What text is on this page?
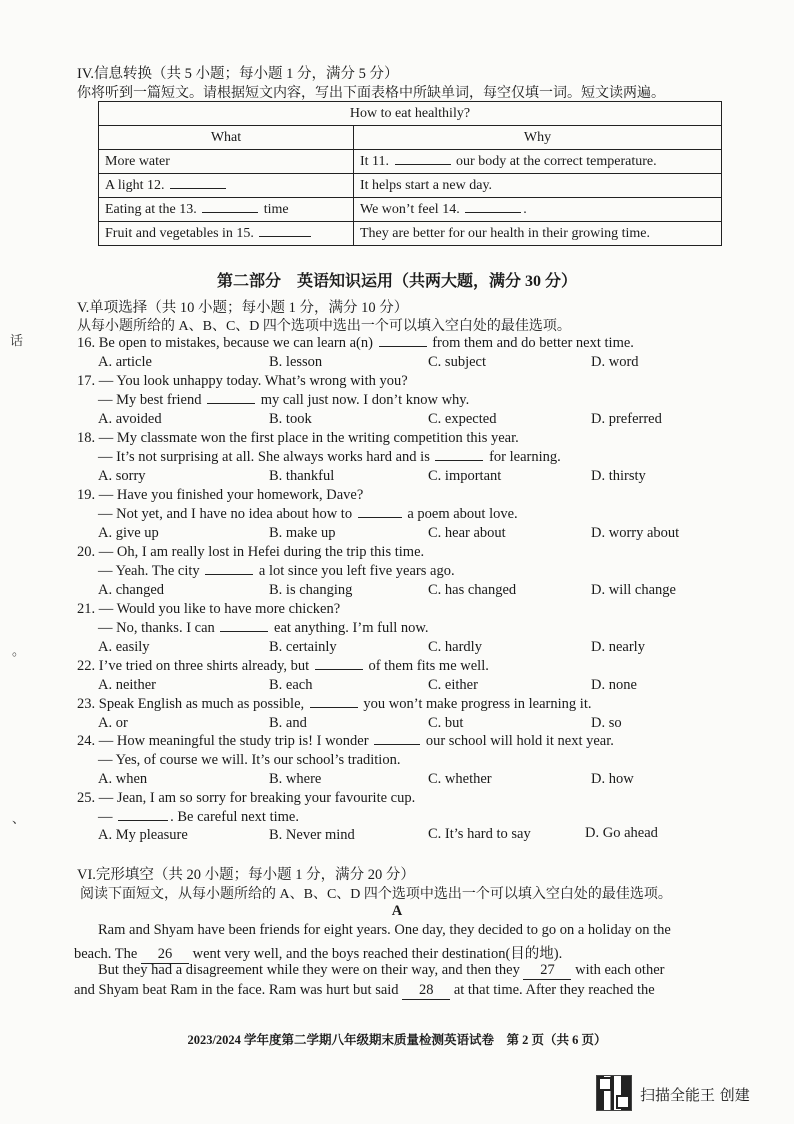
话
。
、
IV.信息转换（共 5 小题；每小题 1 分，满分 5 分）
你将听到一篇短文。请根据短文内容，写出下面表格中所缺单词，每空仅填一词。短文读两遍。
How to eat healthily?	
What	Why
More water	It 11. our body at the correct temperature.
A light 12.	It helps start a new day.
Eating at the 13. time	We won’t feel 14. .
Fruit and vegetables in 15.	They are better for our health in their growing time.
第二部分　英语知识运用（共两大题，满分 30 分）
V.单项选择（共 10 小题；每小题 1 分，满分 10 分）
从每小题所给的 A、B、C、D 四个选项中选出一个可以填入空白处的最佳选项。
16. Be open to mistakes, because we can learn a(n)	from them and do better next time.
A. article	B. lesson	C. subject	D. word
17. — You look unhappy today. What’s wrong with you?
— My best friend	my call just now. I don’t know why.
A. avoided	B. took	C. expected	D. preferred
18. — My classmate won the first place in the writing competition this year.
— It’s not surprising at all. She always works hard and is	for learning.
A. sorry	B. thankful	C. important	D. thirsty
19. — Have you finished your homework, Dave?
— Not yet, and I have no idea about how to	a poem about love.
A. give up	B. make up	C. hear about	D. worry about
20. — Oh, I am really lost in Hefei during the trip this time.
— Yeah. The city	a lot since you left five years ago.
A. changed	B. is changing	C. has changed	D. will change
21. — Would you like to have more chicken?
— No, thanks. I can	eat anything. I’m full now.
A. easily	B. certainly	C. hardly	D. nearly
22. I’ve tried on three shirts already, but	of them fits me well.
A. neither	B. each	C. either	D. none
23. Speak English as much as possible,	you won’t make progress in learning it.
A. or	B. and	C. but	D. so
24. — How meaningful the study trip is! I wonder	our school will hold it next year.
— Yes, of course we will. It’s our school’s tradition.
A. when	B. where	C. whether	D. how
25. — Jean, I am so sorry for breaking your favourite cup.
—	. Be careful next time.
A. My pleasure	B. Never mind	C. It’s hard to say	D. Go ahead
VI.完形填空（共 20 小题；每小题 1 分，满分 20 分）
阅读下面短文，从每小题所给的 A、B、C、D 四个选项中选出一个可以填入空白处的最佳选项。
A
Ram and Shyam have been friends for eight years. One day, they decided to go on a holiday on the
beach. The 26 went very well, and the boys reached their destination(目的地).
But they had a disagreement while they were on their way, and then they 27 with each other
and Shyam beat Ram in the face. Ram was hurt but said 28 at that time. After they reached the
2023/2024 学年度第二学期八年级期末质量检测英语试卷　第 2 页（共 6 页）
扫描全能王 创建
